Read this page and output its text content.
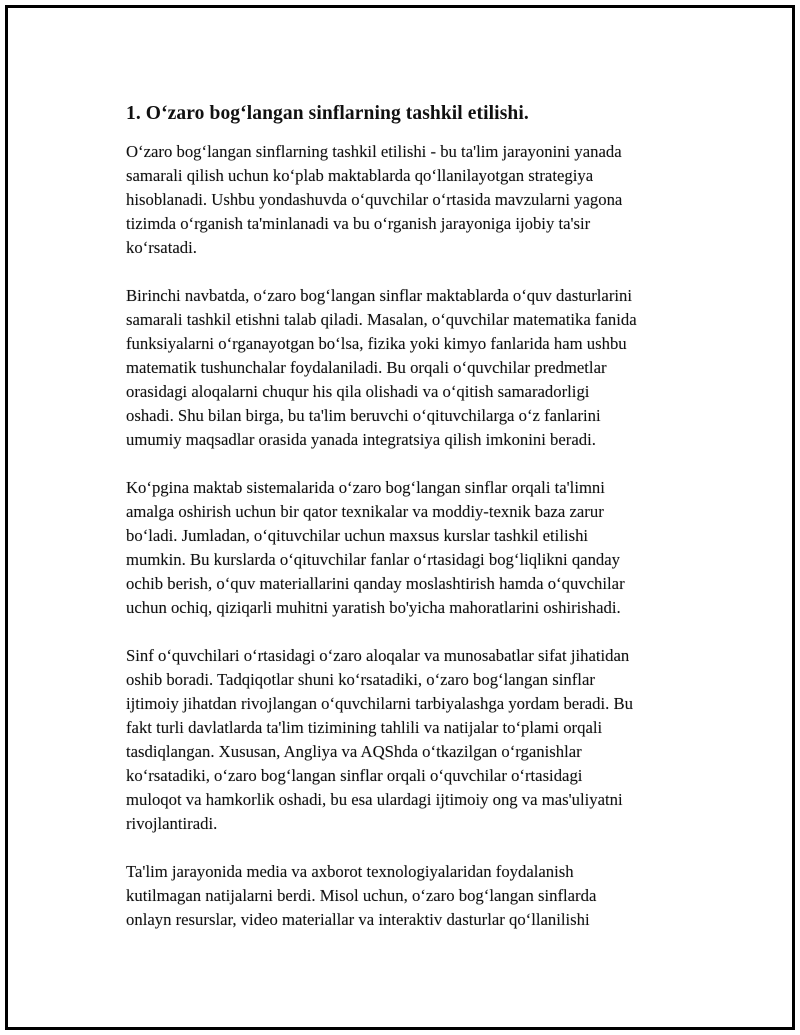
1. O‘zaro bog‘langan sinflarning tashkil etilishi.

O‘zaro bog‘langan sinflarning tashkil etilishi - bu ta'lim jarayonini yanada
samarali qilish uchun ko‘plab maktablarda qo‘llanilayotgan strategiya
hisoblanadi. Ushbu yondashuvda o‘quvchilar o‘rtasida mavzularni yagona
tizimda o‘rganish ta'minlanadi va bu o‘rganish jarayoniga ijobiy ta'sir
ko‘rsatadi.

Birinchi navbatda, o‘zaro bog‘langan sinflar maktablarda o‘quv dasturlarini
samarali tashkil etishni talab qiladi. Masalan, o‘quvchilar matematika fanida
funksiyalarni o‘rganayotgan bo‘lsa, fizika yoki kimyo fanlarida ham ushbu
matematik tushunchalar foydalaniladi. Bu orqali o‘quvchilar predmetlar
orasidagi aloqalarni chuqur his qila olishadi va o‘qitish samaradorligi
oshadi. Shu bilan birga, bu ta'lim beruvchi o‘qituvchilarga o‘z fanlarini
umumiy maqsadlar orasida yanada integratsiya qilish imkonini beradi.

Ko‘pgina maktab sistemalarida o‘zaro bog‘langan sinflar orqali ta'limni
amalga oshirish uchun bir qator texnikalar va moddiy-texnik baza zarur
bo‘ladi. Jumladan, o‘qituvchilar uchun maxsus kurslar tashkil etilishi
mumkin. Bu kurslarda o‘qituvchilar fanlar o‘rtasidagi bog‘liqlikni qanday
ochib berish, o‘quv materiallarini qanday moslashtirish hamda o‘quvchilar
uchun ochiq, qiziqarli muhitni yaratish bo'yicha mahoratlarini oshirishadi.

Sinf o‘quvchilari o‘rtasidagi o‘zaro aloqalar va munosabatlar sifat jihatidan
oshib boradi. Tadqiqotlar shuni ko‘rsatadiki, o‘zaro bog‘langan sinflar
ijtimoiy jihatdan rivojlangan o‘quvchilarni tarbiyalashga yordam beradi. Bu
fakt turli davlatlarda ta'lim tizimining tahlili va natijalar to‘plami orqali
tasdiqlangan. Xususan, Angliya va AQShda o‘tkazilgan o‘rganishlar
ko‘rsatadiki, o‘zaro bog‘langan sinflar orqali o‘quvchilar o‘rtasidagi
muloqot va hamkorlik oshadi, bu esa ulardagi ijtimoiy ong va mas'uliyatni
rivojlantiradi.

Ta'lim jarayonida media va axborot texnologiyalaridan foydalanish
kutilmagan natijalarni berdi. Misol uchun, o‘zaro bog‘langan sinflarda
onlayn resurslar, video materiallar va interaktiv dasturlar qo‘llanilishi
